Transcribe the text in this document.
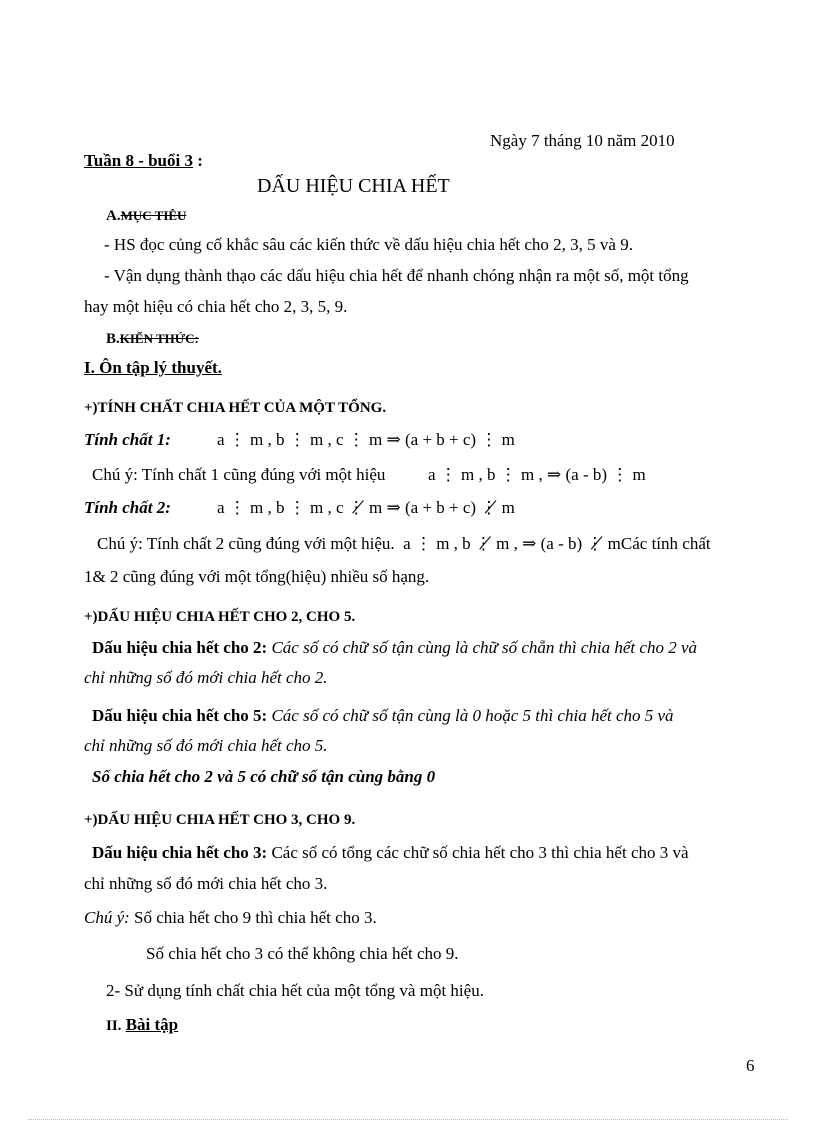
Ngày 7 tháng 10 năm 2010
Tuần 8 - buổi 3 :
DẤU HIỆU CHIA HẾT
A.MỤC TIÊU
- HS đọc củng cố khắc sâu các kiến thức về dấu hiệu chia hết cho 2, 3, 5 và 9.
- Vận dụng thành thạo các dấu hiệu chia hết để nhanh chóng nhận ra một số, một tổng
hay một hiệu có chia hết cho 2, 3, 5, 9.
B.KIẾN THỨC:
I. Ôn tập lý thuyết.
+)TÍNH CHẤT CHIA HẾT CỦA MỘT TỔNG.
Tính chất 1:	a ⋮ m , b ⋮ m , c ⋮ m ⇒ (a + b + c) ⋮ m
Chú ý: Tính chất 1 cũng đúng với một hiệu	a ⋮ m , b ⋮ m , ⇒ (a - b) ⋮ m
Tính chất 2:	a ⋮ m , b ⋮ m , c ⋮̸ m ⇒ (a + b + c) ⋮̸ m
Chú ý: Tính chất 2 cũng đúng với một hiệu. a ⋮ m , b ⋮̸ m , ⇒ (a - b) ⋮̸ mCác tính chất
1& 2 cũng đúng với một tổng(hiệu) nhiều số hạng.
+)DẤU HIỆU CHIA HẾT CHO 2, CHO 5.
Dấu hiệu chia hết cho 2: Các số có chữ số tận cùng là chữ số chẵn thì chia hết cho 2 và
chỉ những số đó mới chia hết cho 2.
Dấu hiệu chia hết cho 5: Các số có chữ số tận cùng là 0 hoặc 5 thì chia hết cho 5 và
chỉ những số đó mới chia hết cho 5.
Số chia hết cho 2 và 5 có chữ số tận cùng bằng 0
+)DẤU HIỆU CHIA HẾT CHO 3, CHO 9.
Dấu hiệu chia hết cho 3: Các số có tổng các chữ số chia hết cho 3 thì chia hết cho 3 và
chỉ những số đó mới chia hết cho 3.
Chú ý: Số chia hết cho 9 thì chia hết cho 3.
Số chia hết cho 3 có thể không chia hết cho 9.
2- Sử dụng tính chất chia hết của một tổng và một hiệu.
II. Bài tập
6
